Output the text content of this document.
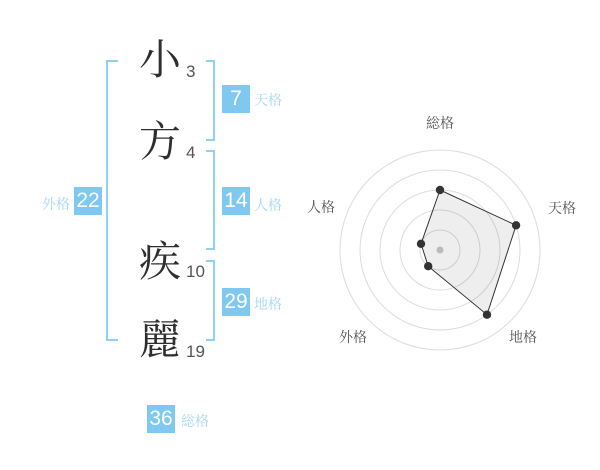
小
方
疾
麗
3
4
10
19
7 天格
14 人格
29 地格
外格 22
36 総格
総格
天格
地格
外格
人格
